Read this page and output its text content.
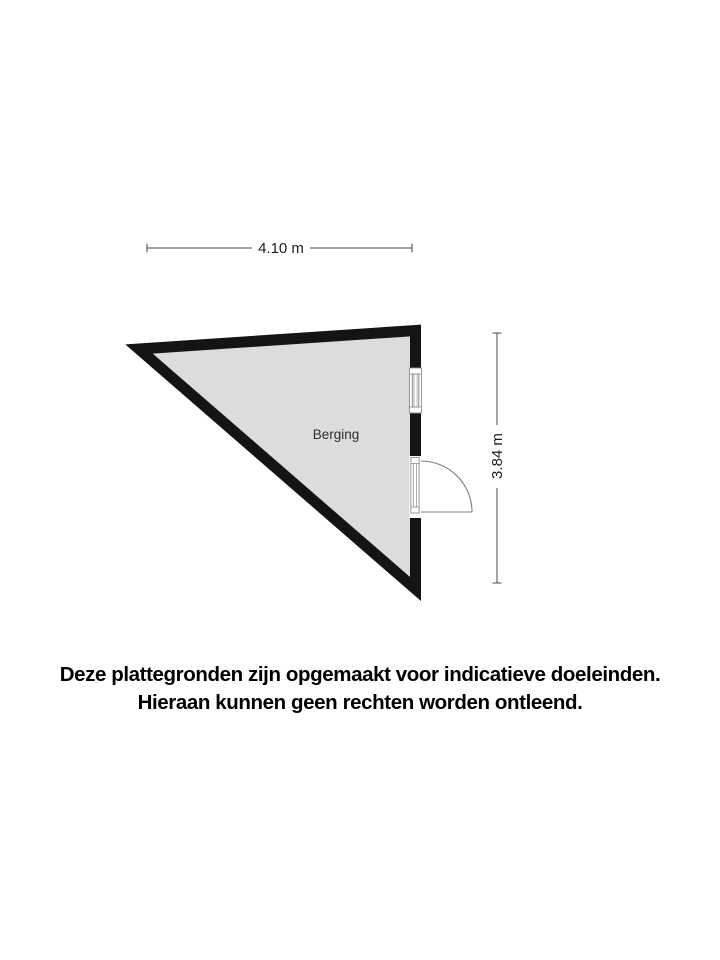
4.10 m
3.84 m
Berging
Deze plattegronden zijn opgemaakt voor indicatieve doeleinden.
Hieraan kunnen geen rechten worden ontleend.
